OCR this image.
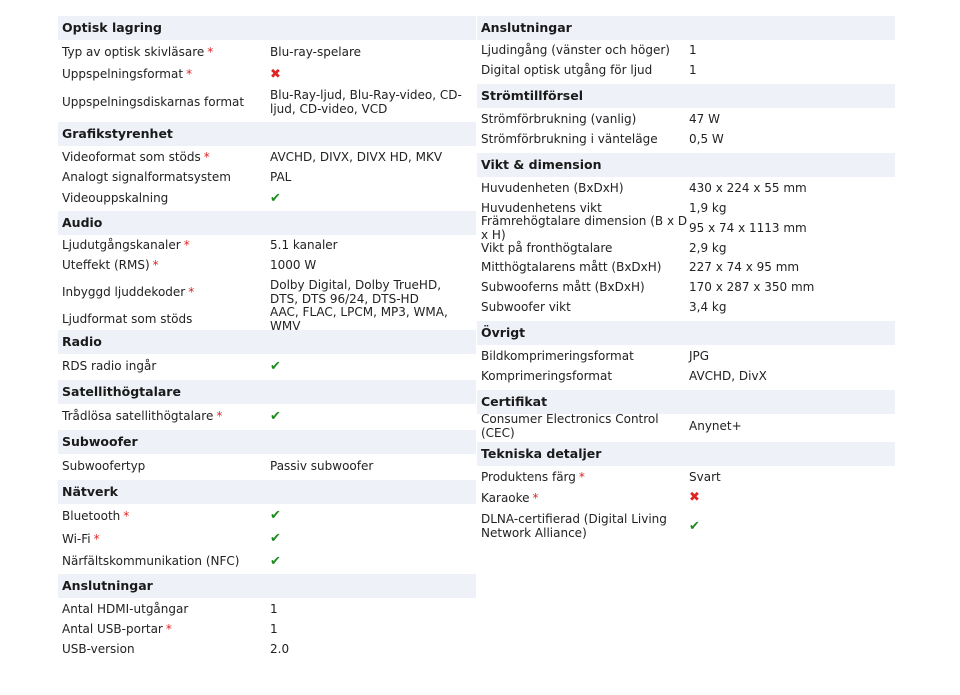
Optisk lagring
Typ av optisk skivläsare *	Blu-ray-spelare
Uppspelningsformat *	✖
Uppspelningsdiskarnas format	Blu-Ray-ljud, Blu-Ray-video, CD-ljud, CD-video, VCD
Grafikstyrenhet
Videoformat som stöds *	AVCHD, DIVX, DIVX HD, MKV
Analogt signalformatsystem	PAL
Videouppskalning	✔
Audio
Ljudutgångskanaler *	5.1 kanaler
Uteffekt (RMS) *	1000 W
Inbyggd ljuddekoder *	Dolby Digital, Dolby TrueHD, DTS, DTS 96/24, DTS-HD
Ljudformat som stöds	AAC, FLAC, LPCM, MP3, WMA, WMV
Radio
RDS radio ingår	✔
Satellithögtalare
Trådlösa satellithögtalare *	✔
Subwoofer
Subwoofertyp	Passiv subwoofer
Nätverk
Bluetooth *	✔
Wi-Fi *	✔
Närfältskommunikation (NFC)	✔
Anslutningar
Antal HDMI-utgångar	1
Antal USB-portar *	1
USB-version	2.0
Anslutningar
Ljudingång (vänster och höger)	1
Digital optisk utgång för ljud	1
Strömtillförsel
Strömförbrukning (vanlig)	47 W
Strömförbrukning i vänteläge	0,5 W
Vikt & dimension
Huvudenheten (BxDxH)	430 x 224 x 55 mm
Huvudenhetens vikt	1,9 kg
Främrehögtalare dimension (B x D x H)	95 x 74 x 1113 mm
Vikt på fronthögtalare	2,9 kg
Mitthögtalarens mått (BxDxH)	227 x 74 x 95 mm
Subwooferns mått (BxDxH)	170 x 287 x 350 mm
Subwoofer vikt	3,4 kg
Övrigt
Bildkomprimeringsformat	JPG
Komprimeringsformat	AVCHD, DivX
Certifikat
Consumer Electronics Control (CEC)	Anynet+
Tekniska detaljer
Produktens färg *	Svart
Karaoke *	✖
DLNA-certifierad (Digital Living Network Alliance)	✔
